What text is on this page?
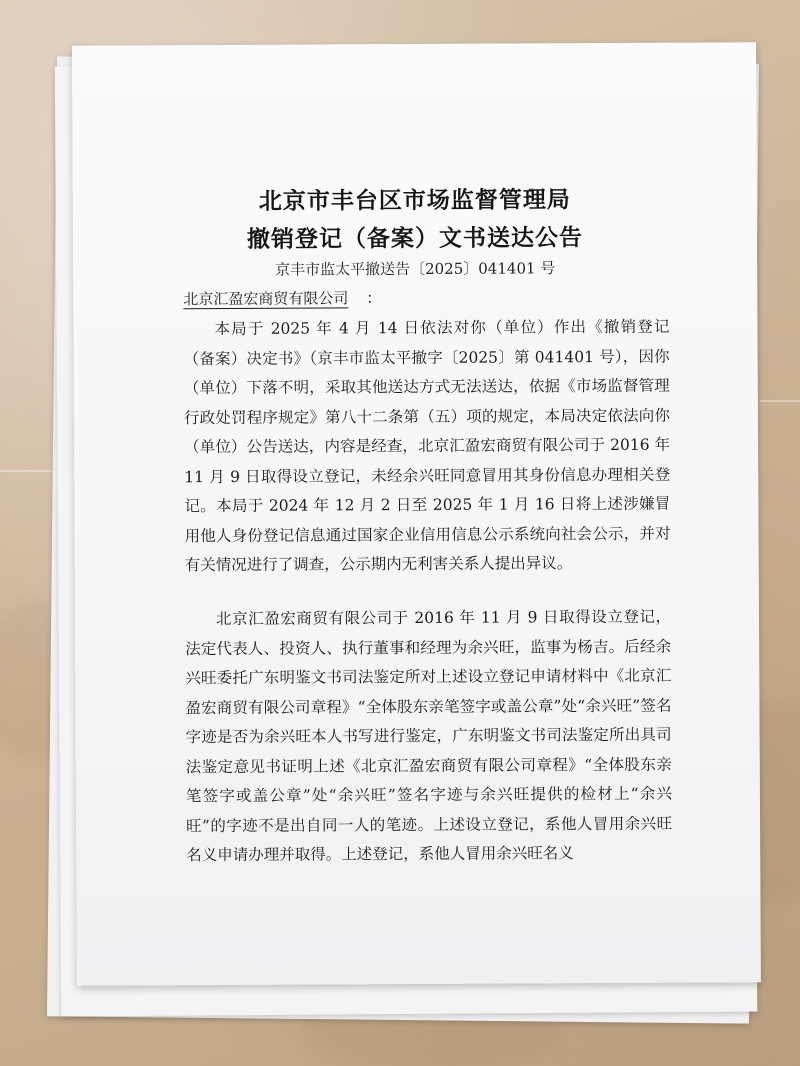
北京市丰台区市场监督管理局
撤销登记（备案）文书送达公告
京丰市监太平撤送告〔2025〕041401 号
北京汇盈宏商贸有限公司 ：

本局于 2025 年 4 月 14 日依法对你（单位）作出《撤销登记（备案）决定书》（京丰市监太平撤字〔2025〕第 041401 号），因你（单位）下落不明，采取其他送达方式无法送达，依据《市场监督管理行政处罚程序规定》第八十二条第（五）项的规定，本局决定依法向你（单位）公告送达，内容是经查，北京汇盈宏商贸有限公司于 2016 年 11 月 9 日取得设立登记，未经余兴旺同意冒用其身份信息办理相关登记。本局于 2024 年 12 月 2 日至 2025 年 1 月 16 日将上述涉嫌冒用他人身份登记信息通过国家企业信用信息公示系统向社会公示，并对有关情况进行了调查，公示期内无利害关系人提出异议。

北京汇盈宏商贸有限公司于 2016 年 11 月 9 日取得设立登记，法定代表人、投资人、执行董事和经理为余兴旺，监事为杨吉。后经余兴旺委托广东明鉴文书司法鉴定所对上述设立登记申请材料中《北京汇盈宏商贸有限公司章程》“全体股东亲笔签字或盖公章”处“余兴旺”签名字迹是否为余兴旺本人书写进行鉴定，广东明鉴文书司法鉴定所出具司法鉴定意见书证明上述《北京汇盈宏商贸有限公司章程》“全体股东亲笔签字或盖公章”处“余兴旺”签名字迹与余兴旺提供的检材上“余兴旺”的字迹不是出自同一人的笔迹。上述设立登记，系他人冒用余兴旺名义申请办理并取得。上述登记，系他人冒用余兴旺名义
